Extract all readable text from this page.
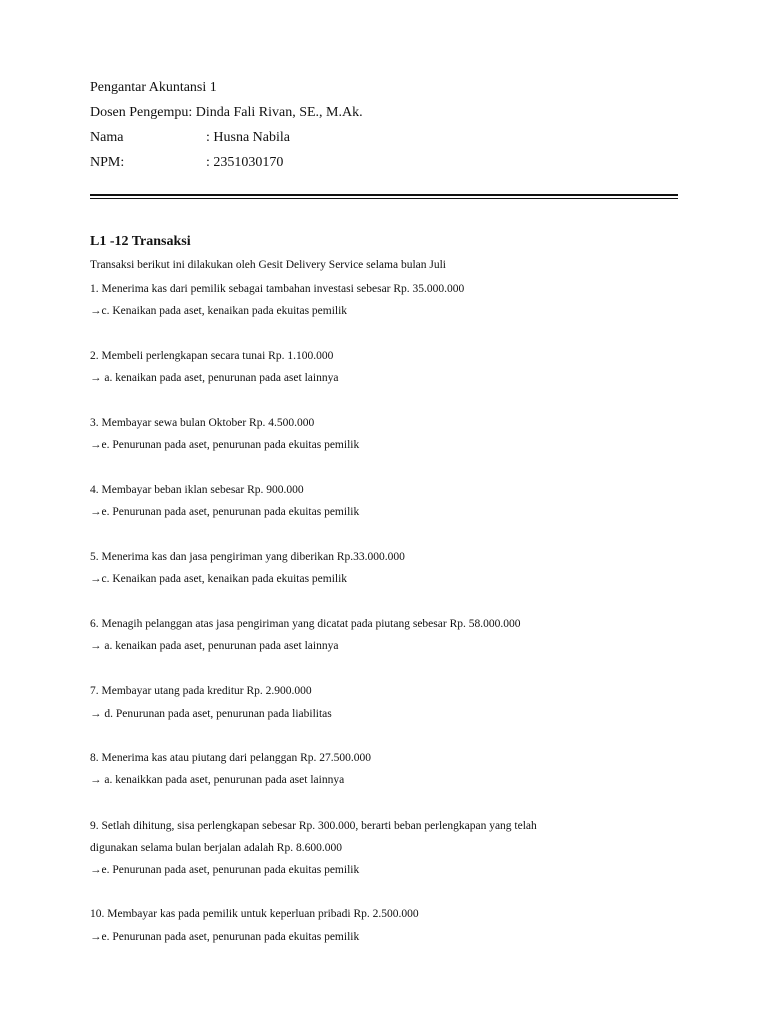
Pengantar Akuntansi 1
Dosen Pengempu: Dinda Fali Rivan, SE., M.Ak.
Nama	: Husna Nabila
NPM:	: 2351030170
L1 -12 Transaksi
Transaksi berikut ini dilakukan oleh Gesit Delivery Service selama bulan Juli
1. Menerima kas dari pemilik sebagai tambahan investasi sebesar Rp. 35.000.000
→c. Kenaikan pada aset, kenaikan pada ekuitas pemilik
2. Membeli perlengkapan secara tunai Rp. 1.100.000
→ a. kenaikan pada aset, penurunan pada aset lainnya
3. Membayar sewa bulan Oktober Rp. 4.500.000
→e. Penurunan pada aset, penurunan pada ekuitas pemilik
4. Membayar beban iklan sebesar Rp. 900.000
→e. Penurunan pada aset, penurunan pada ekuitas pemilik
5. Menerima kas dan jasa pengiriman yang diberikan Rp.33.000.000
→c. Kenaikan pada aset, kenaikan pada ekuitas pemilik
6. Menagih pelanggan atas jasa pengiriman yang dicatat pada piutang sebesar Rp. 58.000.000
→ a. kenaikan pada aset, penurunan pada aset lainnya
7. Membayar utang pada kreditur Rp. 2.900.000
→ d. Penurunan pada aset, penurunan pada liabilitas
8. Menerima kas atau piutang dari pelanggan Rp. 27.500.000
→ a. kenaikkan pada aset, penurunan pada aset lainnya
9. Setlah dihitung, sisa perlengkapan sebesar Rp. 300.000, berarti beban perlengkapan yang telah
digunakan selama bulan berjalan adalah Rp. 8.600.000
→e. Penurunan pada aset, penurunan pada ekuitas pemilik
10. Membayar kas pada pemilik untuk keperluan pribadi Rp. 2.500.000
→e. Penurunan pada aset, penurunan pada ekuitas pemilik
